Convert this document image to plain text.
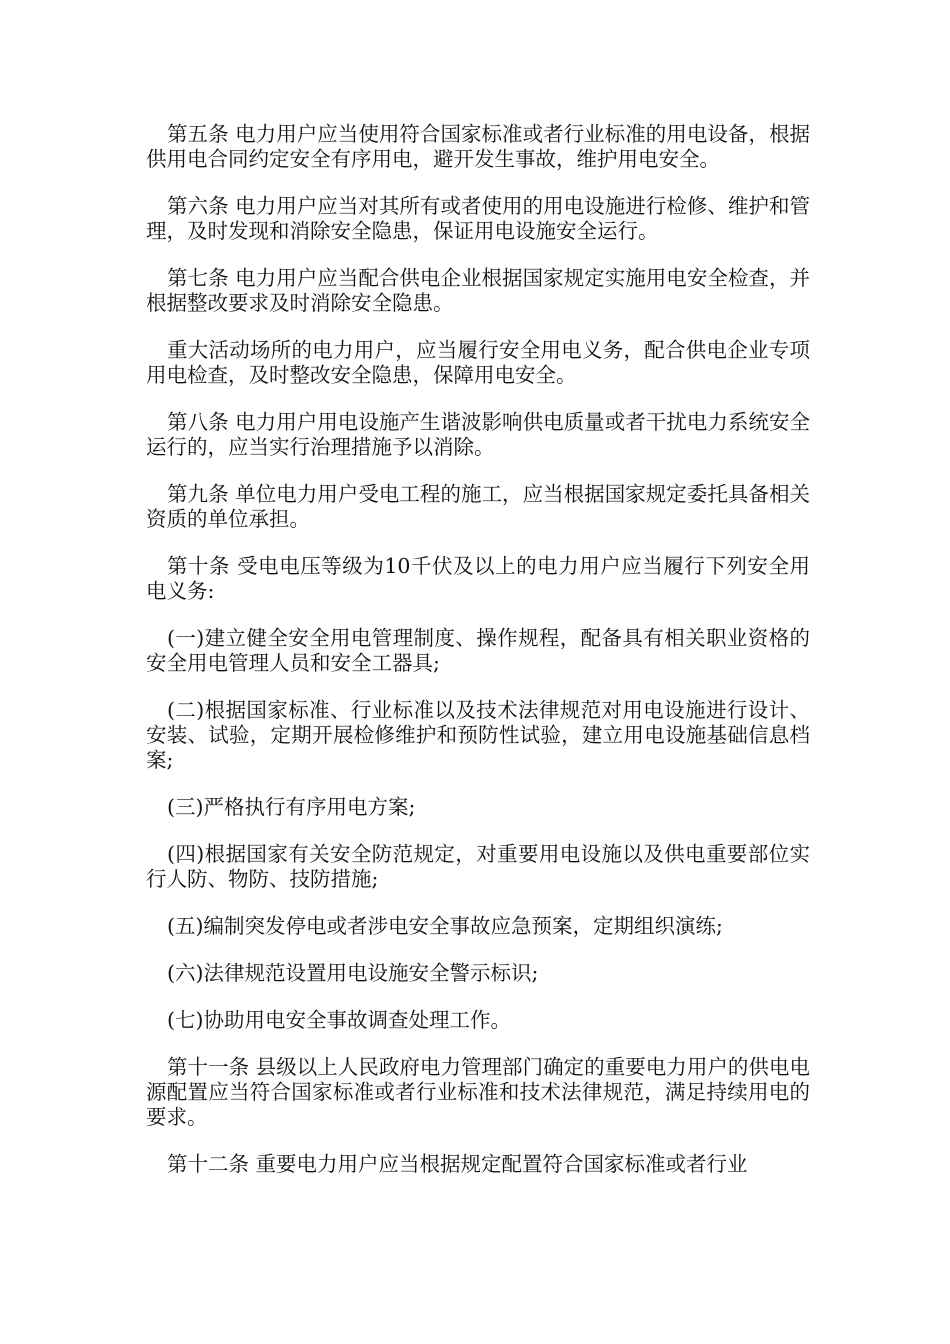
第五条 电力用户应当使用符合国家标准或者行业标准的用电设备，根据供用电合同约定安全有序用电，避开发生事故，维护用电安全。

第六条 电力用户应当对其所有或者使用的用电设施进行检修、维护和管理，及时发现和消除安全隐患，保证用电设施安全运行。

第七条 电力用户应当配合供电企业根据国家规定实施用电安全检查，并根据整改要求及时消除安全隐患。

重大活动场所的电力用户，应当履行安全用电义务，配合供电企业专项用电检查，及时整改安全隐患，保障用电安全。

第八条 电力用户用电设施产生谐波影响供电质量或者干扰电力系统安全运行的，应当实行治理措施予以消除。

第九条 单位电力用户受电工程的施工，应当根据国家规定委托具备相关资质的单位承担。

第十条 受电电压等级为10千伏及以上的电力用户应当履行下列安全用电义务:

(一)建立健全安全用电管理制度、操作规程，配备具有相关职业资格的安全用电管理人员和安全工器具;

(二)根据国家标准、行业标准以及技术法律规范对用电设施进行设计、安装、试验，定期开展检修维护和预防性试验，建立用电设施基础信息档案;

(三)严格执行有序用电方案;

(四)根据国家有关安全防范规定，对重要用电设施以及供电重要部位实行人防、物防、技防措施;

(五)编制突发停电或者涉电安全事故应急预案，定期组织演练;

(六)法律规范设置用电设施安全警示标识;

(七)协助用电安全事故调查处理工作。

第十一条 县级以上人民政府电力管理部门确定的重要电力用户的供电电源配置应当符合国家标准或者行业标准和技术法律规范，满足持续用电的要求。

第十二条 重要电力用户应当根据规定配置符合国家标准或者行业
